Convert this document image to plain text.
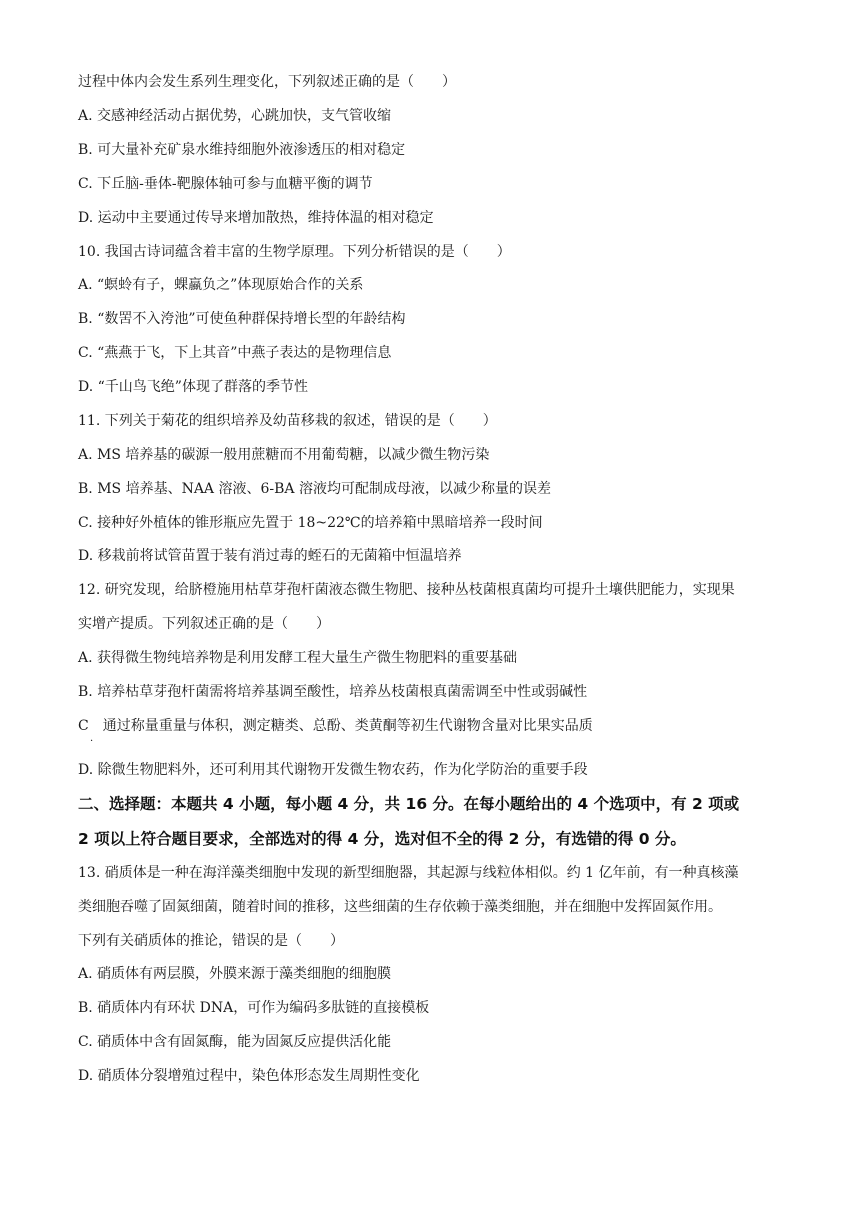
过程中体内会发生系列生理变化，下列叙述正确的是（　　）
A. 交感神经活动占据优势，心跳加快，支气管收缩
B. 可大量补充矿泉水维持细胞外液渗透压的相对稳定
C. 下丘脑-垂体-靶腺体轴可参与血糖平衡的调节
D. 运动中主要通过传导来增加散热，维持体温的相对稳定
10. 我国古诗词蕴含着丰富的生物学原理。下列分析错误的是（　　）
A. “螟蛉有子，蜾蠃负之”体现原始合作的关系
B. “数罟不入洿池”可使鱼种群保持增长型的年龄结构
C. “燕燕于飞，下上其音”中燕子表达的是物理信息
D. “千山鸟飞绝”体现了群落的季节性
11. 下列关于菊花的组织培养及幼苗移栽的叙述，错误的是（　　）
A. MS 培养基的碳源一般用蔗糖而不用葡萄糖，以减少微生物污染
B. MS 培养基、NAA 溶液、6-BA 溶液均可配制成母液，以减少称量的误差
C. 接种好外植体的锥形瓶应先置于 18~22℃的培养箱中黑暗培养一段时间
D. 移栽前将试管苗置于装有消过毒的蛭石的无菌箱中恒温培养
12. 研究发现，给脐橙施用枯草芽孢杆菌液态微生物肥、接种丛枝菌根真菌均可提升土壤供肥能力，实现果
实增产提质。下列叙述正确的是（　　）
A. 获得微生物纯培养物是利用发酵工程大量生产微生物肥料的重要基础
B. 培养枯草芽孢杆菌需将培养基调至酸性，培养丛枝菌根真菌需调至中性或弱碱性
C　通过称量重量与体积，测定糖类、总酚、类黄酮等初生代谢物含量对比果实品质
·
D. 除微生物肥料外，还可利用其代谢物开发微生物农药，作为化学防治的重要手段
二、选择题：本题共 4 小题，每小题 4 分，共 16 分。在每小题给出的 4 个选项中，有 2 项或
2 项以上符合题目要求，全部选对的得 4 分，选对但不全的得 2 分，有选错的得 0 分。
13. 硝质体是一种在海洋藻类细胞中发现的新型细胞器，其起源与线粒体相似。约 1 亿年前，有一种真核藻
类细胞吞噬了固氮细菌，随着时间的推移，这些细菌的生存依赖于藻类细胞，并在细胞中发挥固氮作用。
下列有关硝质体的推论，错误的是（　　）
A. 硝质体有两层膜，外膜来源于藻类细胞的细胞膜
B. 硝质体内有环状 DNA，可作为编码多肽链的直接模板
C. 硝质体中含有固氮酶，能为固氮反应提供活化能
D. 硝质体分裂增殖过程中，染色体形态发生周期性变化
